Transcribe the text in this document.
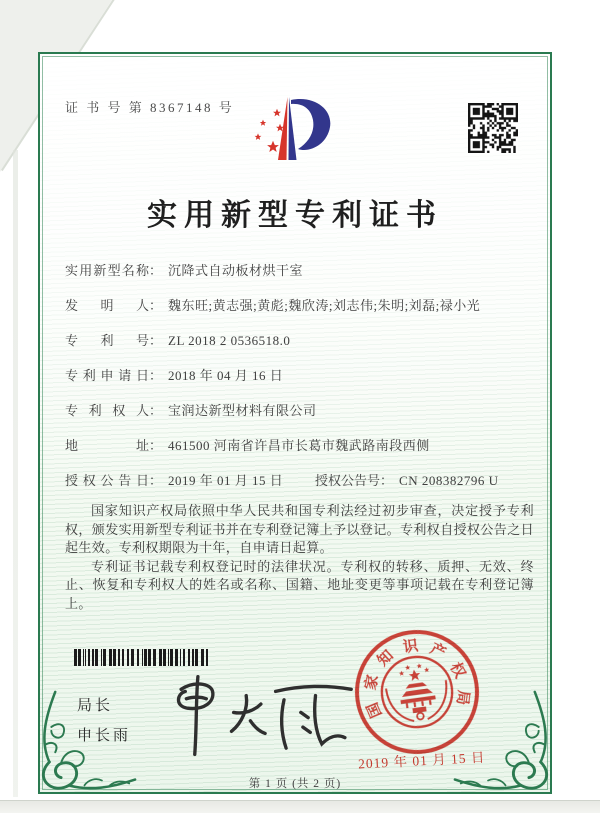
证 书 号 第 8367148 号
实用新型专利证书
实用新型名称： 沉降式自动板材烘干室
发明人： 魏东旺;黄志强;黄彪;魏欣涛;刘志伟;朱明;刘磊;禄小光
专利号： ZL 2018 2 0536518.0
专利申请日： 2018 年 04 月 16 日
专利权人： 宝润达新型材料有限公司
地址： 461500 河南省许昌市长葛市魏武路南段西侧
授权公告日： 2019 年 01 月 15 日 授权公告号： CN 208382796 U

国家知识产权局依照中华人民共和国专利法经过初步审查，决定授予专利权，颁发实用新型专利证书并在专利登记簿上予以登记。专利权自授权公告之日起生效。专利权期限为十年，自申请日起算。

专利证书记载专利权登记时的法律状况。专利权的转移、质押、无效、终止、恢复和专利权人的姓名或名称、国籍、地址变更等事项记载在专利登记簿上。

局长
申长雨
国
家
知
识 产
权
局
2019 年 01 月 15 日
第 1 页 (共 2 页)
